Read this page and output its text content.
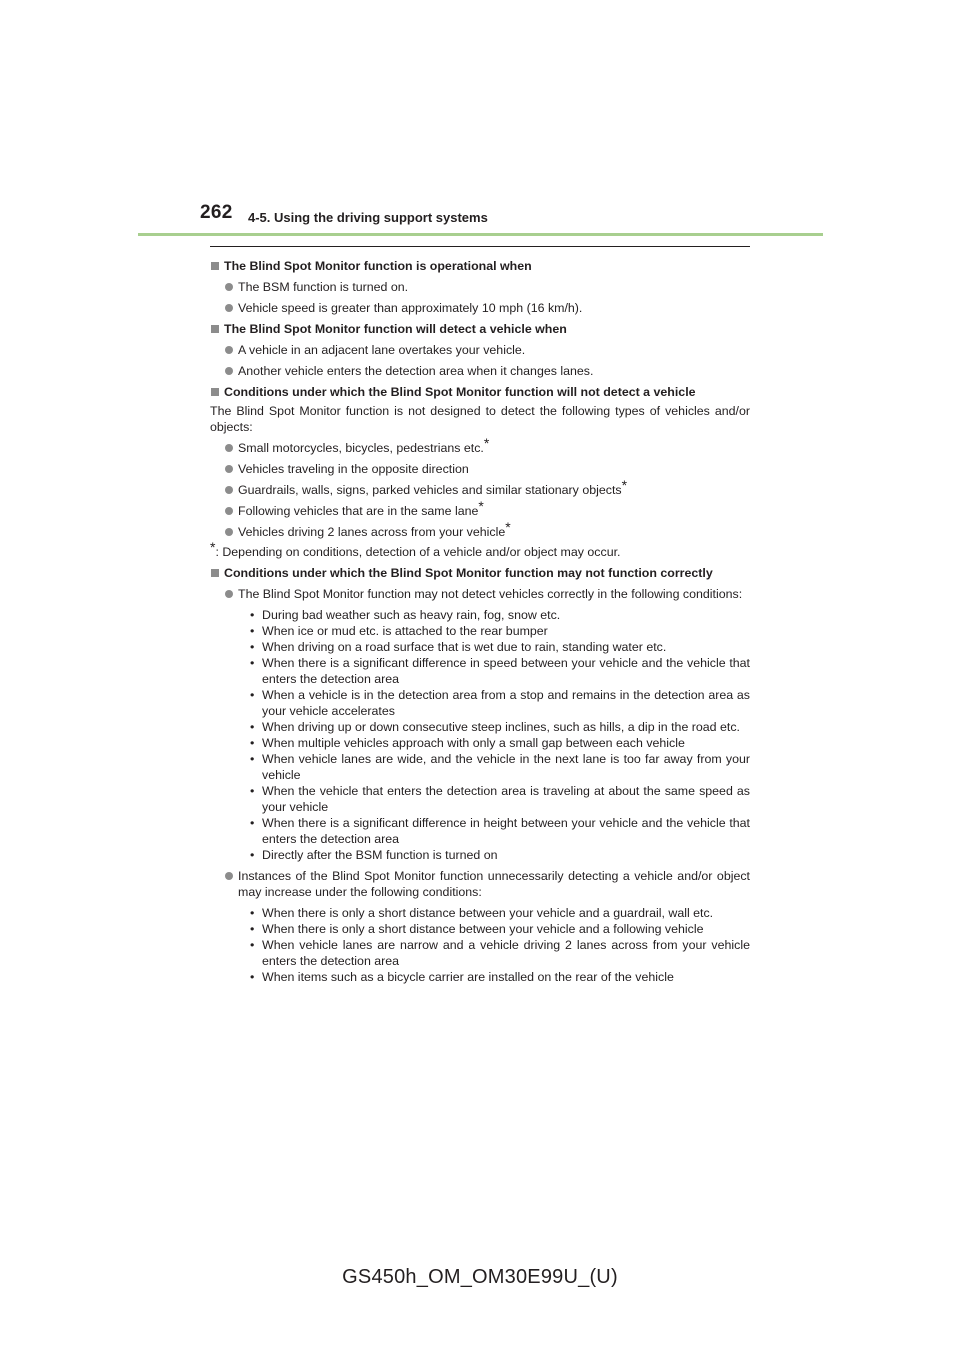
262 4-5. Using the driving support systems
The Blind Spot Monitor function is operational when
The BSM function is turned on.
Vehicle speed is greater than approximately 10 mph (16 km/h).
The Blind Spot Monitor function will detect a vehicle when
A vehicle in an adjacent lane overtakes your vehicle.
Another vehicle enters the detection area when it changes lanes.
Conditions under which the Blind Spot Monitor function will not detect a vehicle
The Blind Spot Monitor function is not designed to detect the following types of vehicles and/or objects:
Small motorcycles, bicycles, pedestrians etc.*
Vehicles traveling in the opposite direction
Guardrails, walls, signs, parked vehicles and similar stationary objects*
Following vehicles that are in the same lane*
Vehicles driving 2 lanes across from your vehicle*
*: Depending on conditions, detection of a vehicle and/or object may occur.
Conditions under which the Blind Spot Monitor function may not function correctly
The Blind Spot Monitor function may not detect vehicles correctly in the following conditions:
• During bad weather such as heavy rain, fog, snow etc.
• When ice or mud etc. is attached to the rear bumper
• When driving on a road surface that is wet due to rain, standing water etc.
• When there is a significant difference in speed between your vehicle and the vehicle that enters the detection area
• When a vehicle is in the detection area from a stop and remains in the detection area as your vehicle accelerates
• When driving up or down consecutive steep inclines, such as hills, a dip in the road etc.
• When multiple vehicles approach with only a small gap between each vehicle
• When vehicle lanes are wide, and the vehicle in the next lane is too far away from your vehicle
• When the vehicle that enters the detection area is traveling at about the same speed as your vehicle
• When there is a significant difference in height between your vehicle and the vehicle that enters the detection area
• Directly after the BSM function is turned on
Instances of the Blind Spot Monitor function unnecessarily detecting a vehicle and/or object may increase under the following conditions:
• When there is only a short distance between your vehicle and a guardrail, wall etc.
• When there is only a short distance between your vehicle and a following vehicle
• When vehicle lanes are narrow and a vehicle driving 2 lanes across from your vehicle enters the detection area
• When items such as a bicycle carrier are installed on the rear of the vehicle
GS450h_OM_OM30E99U_(U)
